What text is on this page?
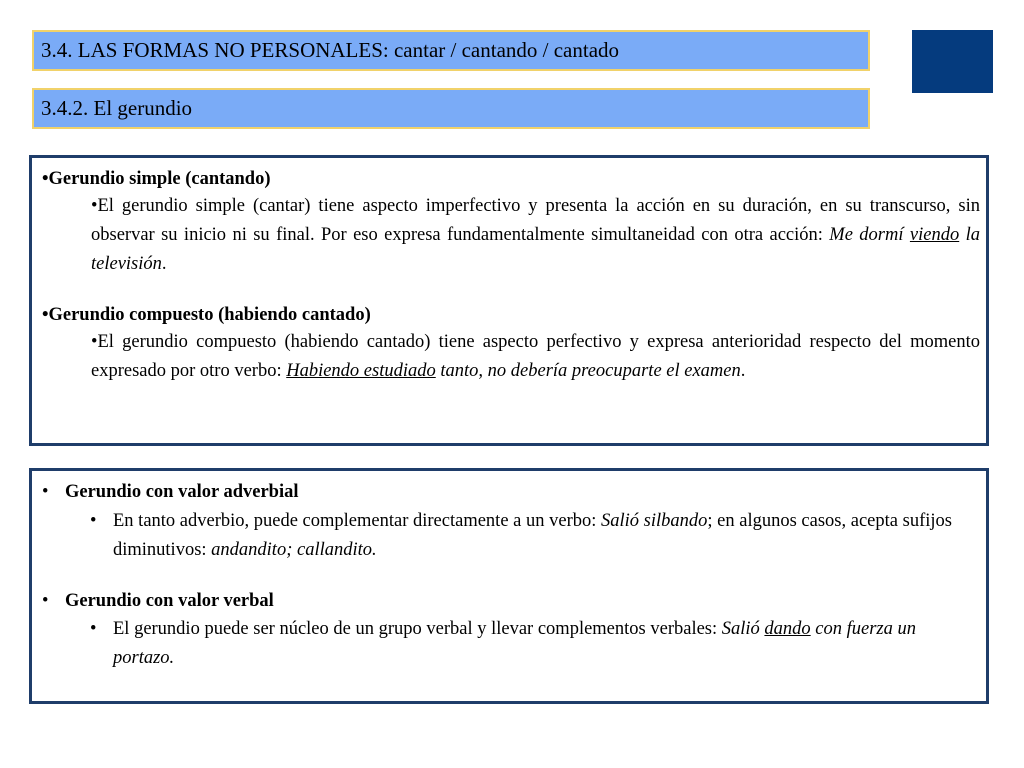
3.4. LAS FORMAS NO PERSONALES: cantar / cantando / cantado
3.4.2. El gerundio
•Gerundio simple (cantando)
•El gerundio simple (cantar) tiene aspecto imperfectivo y presenta la acción en su duración, en su transcurso, sin observar su inicio ni su final. Por eso expresa fundamentalmente simultaneidad con otra acción: Me dormí viendo la televisión.
•Gerundio compuesto (habiendo cantado)
•El gerundio compuesto (habiendo cantado) tiene aspecto perfectivo y expresa anterioridad respecto del momento expresado por otro verbo: Habiendo estudiado tanto, no debería preocuparte el examen.
• Gerundio con valor adverbial
• En tanto adverbio, puede complementar directamente a un verbo: Salió silbando; en algunos casos, acepta sufijos diminutivos: andandito; callandito.
• Gerundio con valor verbal
• El gerundio puede ser núcleo de un grupo verbal y llevar complementos verbales: Salió dando con fuerza un portazo.
